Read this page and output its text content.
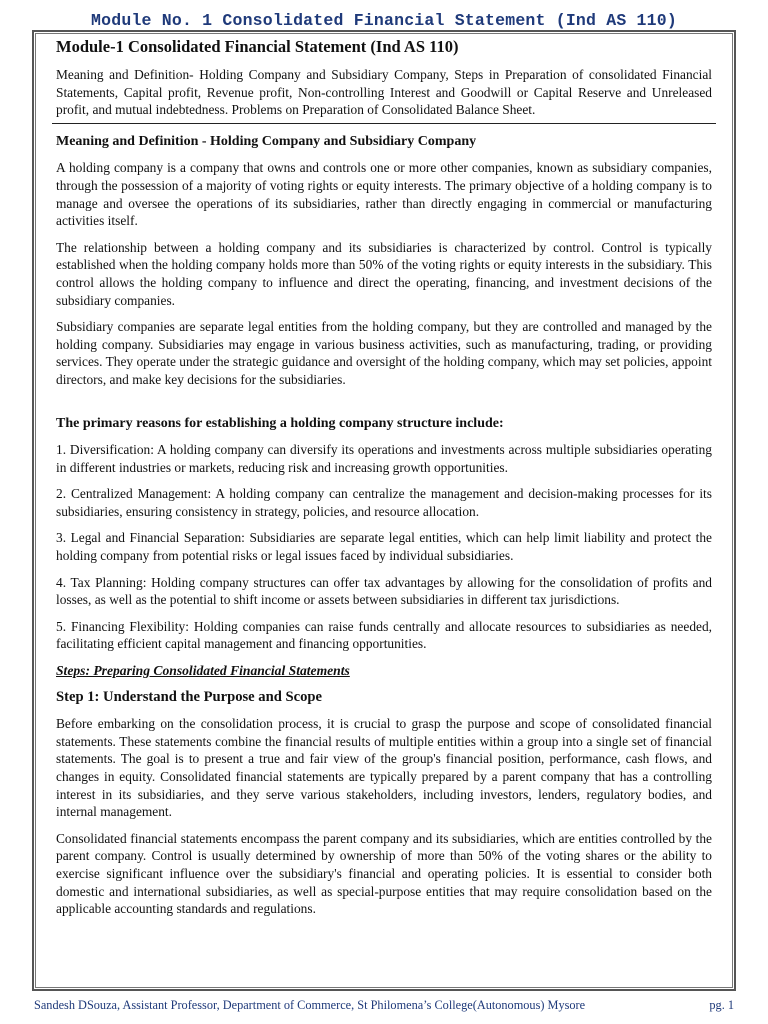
Module No. 1 Consolidated Financial Statement (Ind AS 110)

Module-1 Consolidated Financial Statement (Ind AS 110)

Meaning and Definition- Holding Company and Subsidiary Company, Steps in Preparation of consolidated Financial Statements, Capital profit, Revenue profit, Non-controlling Interest and Goodwill or Capital Reserve and Unreleased profit, and mutual indebtedness. Problems on Preparation of Consolidated Balance Sheet.

Meaning and Definition - Holding Company and Subsidiary Company

A holding company is a company that owns and controls one or more other companies, known as subsidiary companies, through the possession of a majority of voting rights or equity interests. The primary objective of a holding company is to manage and oversee the operations of its subsidiaries, rather than directly engaging in commercial or manufacturing activities itself.

The relationship between a holding company and its subsidiaries is characterized by control. Control is typically established when the holding company holds more than 50% of the voting rights or equity interests in the subsidiary. This control allows the holding company to influence and direct the operating, financing, and investment decisions of the subsidiary companies.

Subsidiary companies are separate legal entities from the holding company, but they are controlled and managed by the holding company. Subsidiaries may engage in various business activities, such as manufacturing, trading, or providing services. They operate under the strategic guidance and oversight of the holding company, which may set policies, appoint directors, and make key decisions for the subsidiaries.

The primary reasons for establishing a holding company structure include:

1. Diversification: A holding company can diversify its operations and investments across multiple subsidiaries operating in different industries or markets, reducing risk and increasing growth opportunities.

2. Centralized Management: A holding company can centralize the management and decision-making processes for its subsidiaries, ensuring consistency in strategy, policies, and resource allocation.

3. Legal and Financial Separation: Subsidiaries are separate legal entities, which can help limit liability and protect the holding company from potential risks or legal issues faced by individual subsidiaries.

4. Tax Planning: Holding company structures can offer tax advantages by allowing for the consolidation of profits and losses, as well as the potential to shift income or assets between subsidiaries in different tax jurisdictions.

5. Financing Flexibility: Holding companies can raise funds centrally and allocate resources to subsidiaries as needed, facilitating efficient capital management and financing opportunities.

Steps: Preparing Consolidated Financial Statements

Step 1: Understand the Purpose and Scope

Before embarking on the consolidation process, it is crucial to grasp the purpose and scope of consolidated financial statements. These statements combine the financial results of multiple entities within a group into a single set of financial statements. The goal is to present a true and fair view of the group's financial position, performance, cash flows, and changes in equity. Consolidated financial statements are typically prepared by a parent company that has a controlling interest in its subsidiaries, and they serve various stakeholders, including investors, lenders, regulatory bodies, and internal management.

Consolidated financial statements encompass the parent company and its subsidiaries, which are entities controlled by the parent company. Control is usually determined by ownership of more than 50% of the voting shares or the ability to exercise significant influence over the subsidiary's financial and operating policies. It is essential to consider both domestic and international subsidiaries, as well as special-purpose entities that may require consolidation based on the applicable accounting standards and regulations.

Sandesh DSouza, Assistant Professor, Department of Commerce, St Philomena’s College(Autonomous) Mysore	pg. 1
